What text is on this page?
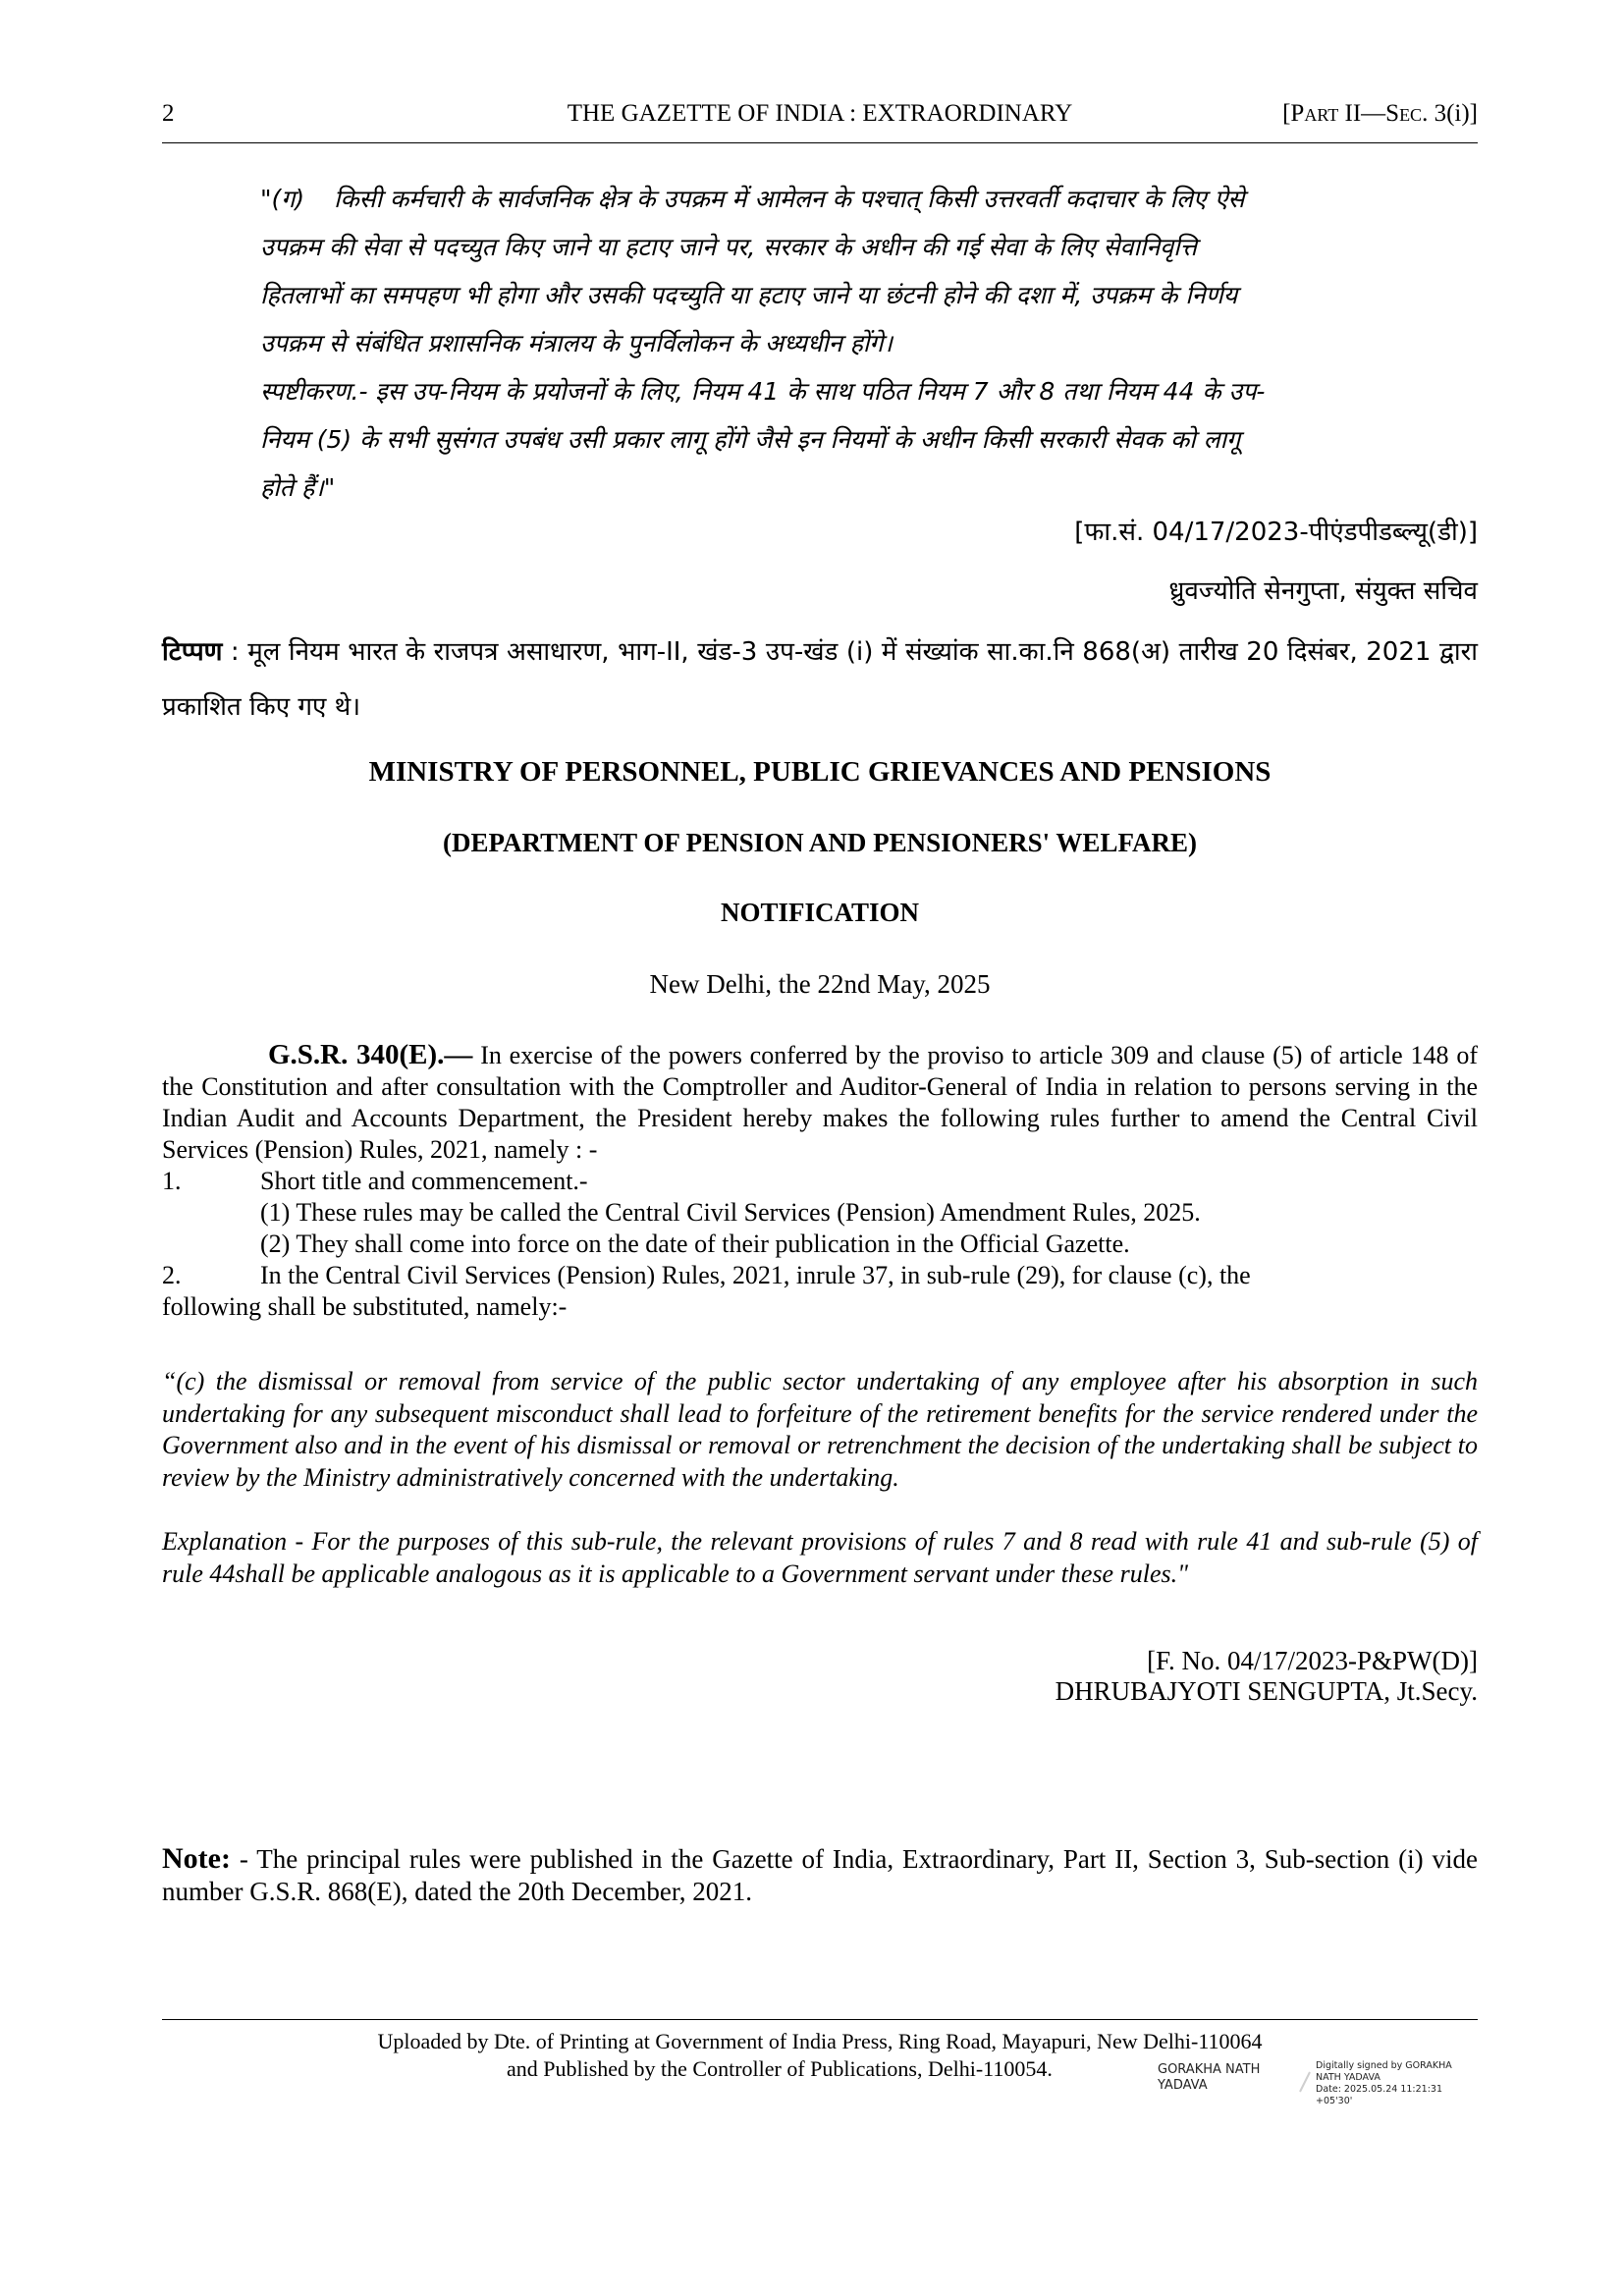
2	THE GAZETTE OF INDIA : EXTRAORDINARY	[Part II—Sec. 3(i)]
"(ग) किसी कर्मचारी के सार्वजनिक क्षेत्र के उपक्रम में आमेलन के पश्चात् किसी उत्तरवर्ती कदाचार के लिए ऐसे
उपक्रम की सेवा से पदच्युत किए जाने या हटाए जाने पर, सरकार के अधीन की गई सेवा के लिए सेवानिवृत्ति
हितलाभों का समपहण भी होगा और उसकी पदच्युति या हटाए जाने या छंटनी होने की दशा में, उपक्रम के निर्णय
उपक्रम से संबंधित प्रशासनिक मंत्रालय के पुनर्विलोकन के अध्यधीन होंगे।
स्पष्टीकरण.- इस उप-नियम के प्रयोजनों के लिए, नियम 41 के साथ पठित नियम 7 और 8 तथा नियम 44 के उप-
नियम (5) के सभी सुसंगत उपबंध उसी प्रकार लागू होंगे जैसे इन नियमों के अधीन किसी सरकारी सेवक को लागू
होते हैं।"
[फा.सं. 04/17/2023-पीएंडपीडब्ल्यू(डी)]
ध्रुवज्योति सेनगुप्ता, संयुक्त सचिव
टिप्पण : मूल नियम भारत के राजपत्र असाधारण, भाग-II, खंड-3 उप-खंड (i) में संख्यांक सा.का.नि 868(अ) तारीख 20 दिसंबर, 2021 द्वारा प्रकाशित किए गए थे।
MINISTRY OF PERSONNEL, PUBLIC GRIEVANCES AND PENSIONS
(DEPARTMENT OF PENSION AND PENSIONERS' WELFARE)
NOTIFICATION
New Delhi, the 22nd May, 2025
G.S.R. 340(E).— In exercise of the powers conferred by the proviso to article 309 and clause (5) of article 148 of the Constitution and after consultation with the Comptroller and Auditor-General of India in relation to persons serving in the Indian Audit and Accounts Department, the President hereby makes the following rules further to amend the Central Civil Services (Pension) Rules, 2021, namely : -
1.	Short title and commencement.-
(1) These rules may be called the Central Civil Services (Pension) Amendment Rules, 2025.
(2) They shall come into force on the date of their publication in the Official Gazette.
2.	In the Central Civil Services (Pension) Rules, 2021, inrule 37, in sub-rule (29), for clause (c), the
following shall be substituted, namely:-
“(c) the dismissal or removal from service of the public sector undertaking of any employee after his absorption in such undertaking for any subsequent misconduct shall lead to forfeiture of the retirement benefits for the service rendered under the Government also and in the event of his dismissal or removal or retrenchment the decision of the undertaking shall be subject to review by the Ministry administratively concerned with the undertaking.
Explanation - For the purposes of this sub-rule, the relevant provisions of rules 7 and 8 read with rule 41 and sub-rule (5) of rule 44shall be applicable analogous as it is applicable to a Government servant under these rules."
[F. No. 04/17/2023-P&PW(D)]
DHRUBAJYOTI SENGUPTA, Jt.Secy.
Note: - The principal rules were published in the Gazette of India, Extraordinary, Part II, Section 3, Sub-section (i) vide number G.S.R. 868(E), dated the 20th December, 2021.
Uploaded by Dte. of Printing at Government of India Press, Ring Road, Mayapuri, New Delhi-110064
and Published by the Controller of Publications, Delhi-110054.	GORAKHA NATH
YADAVA
Digitally signed by GORAKHA
NATH YADAVA
Date: 2025.05.24 11:21:31 +05'30'
